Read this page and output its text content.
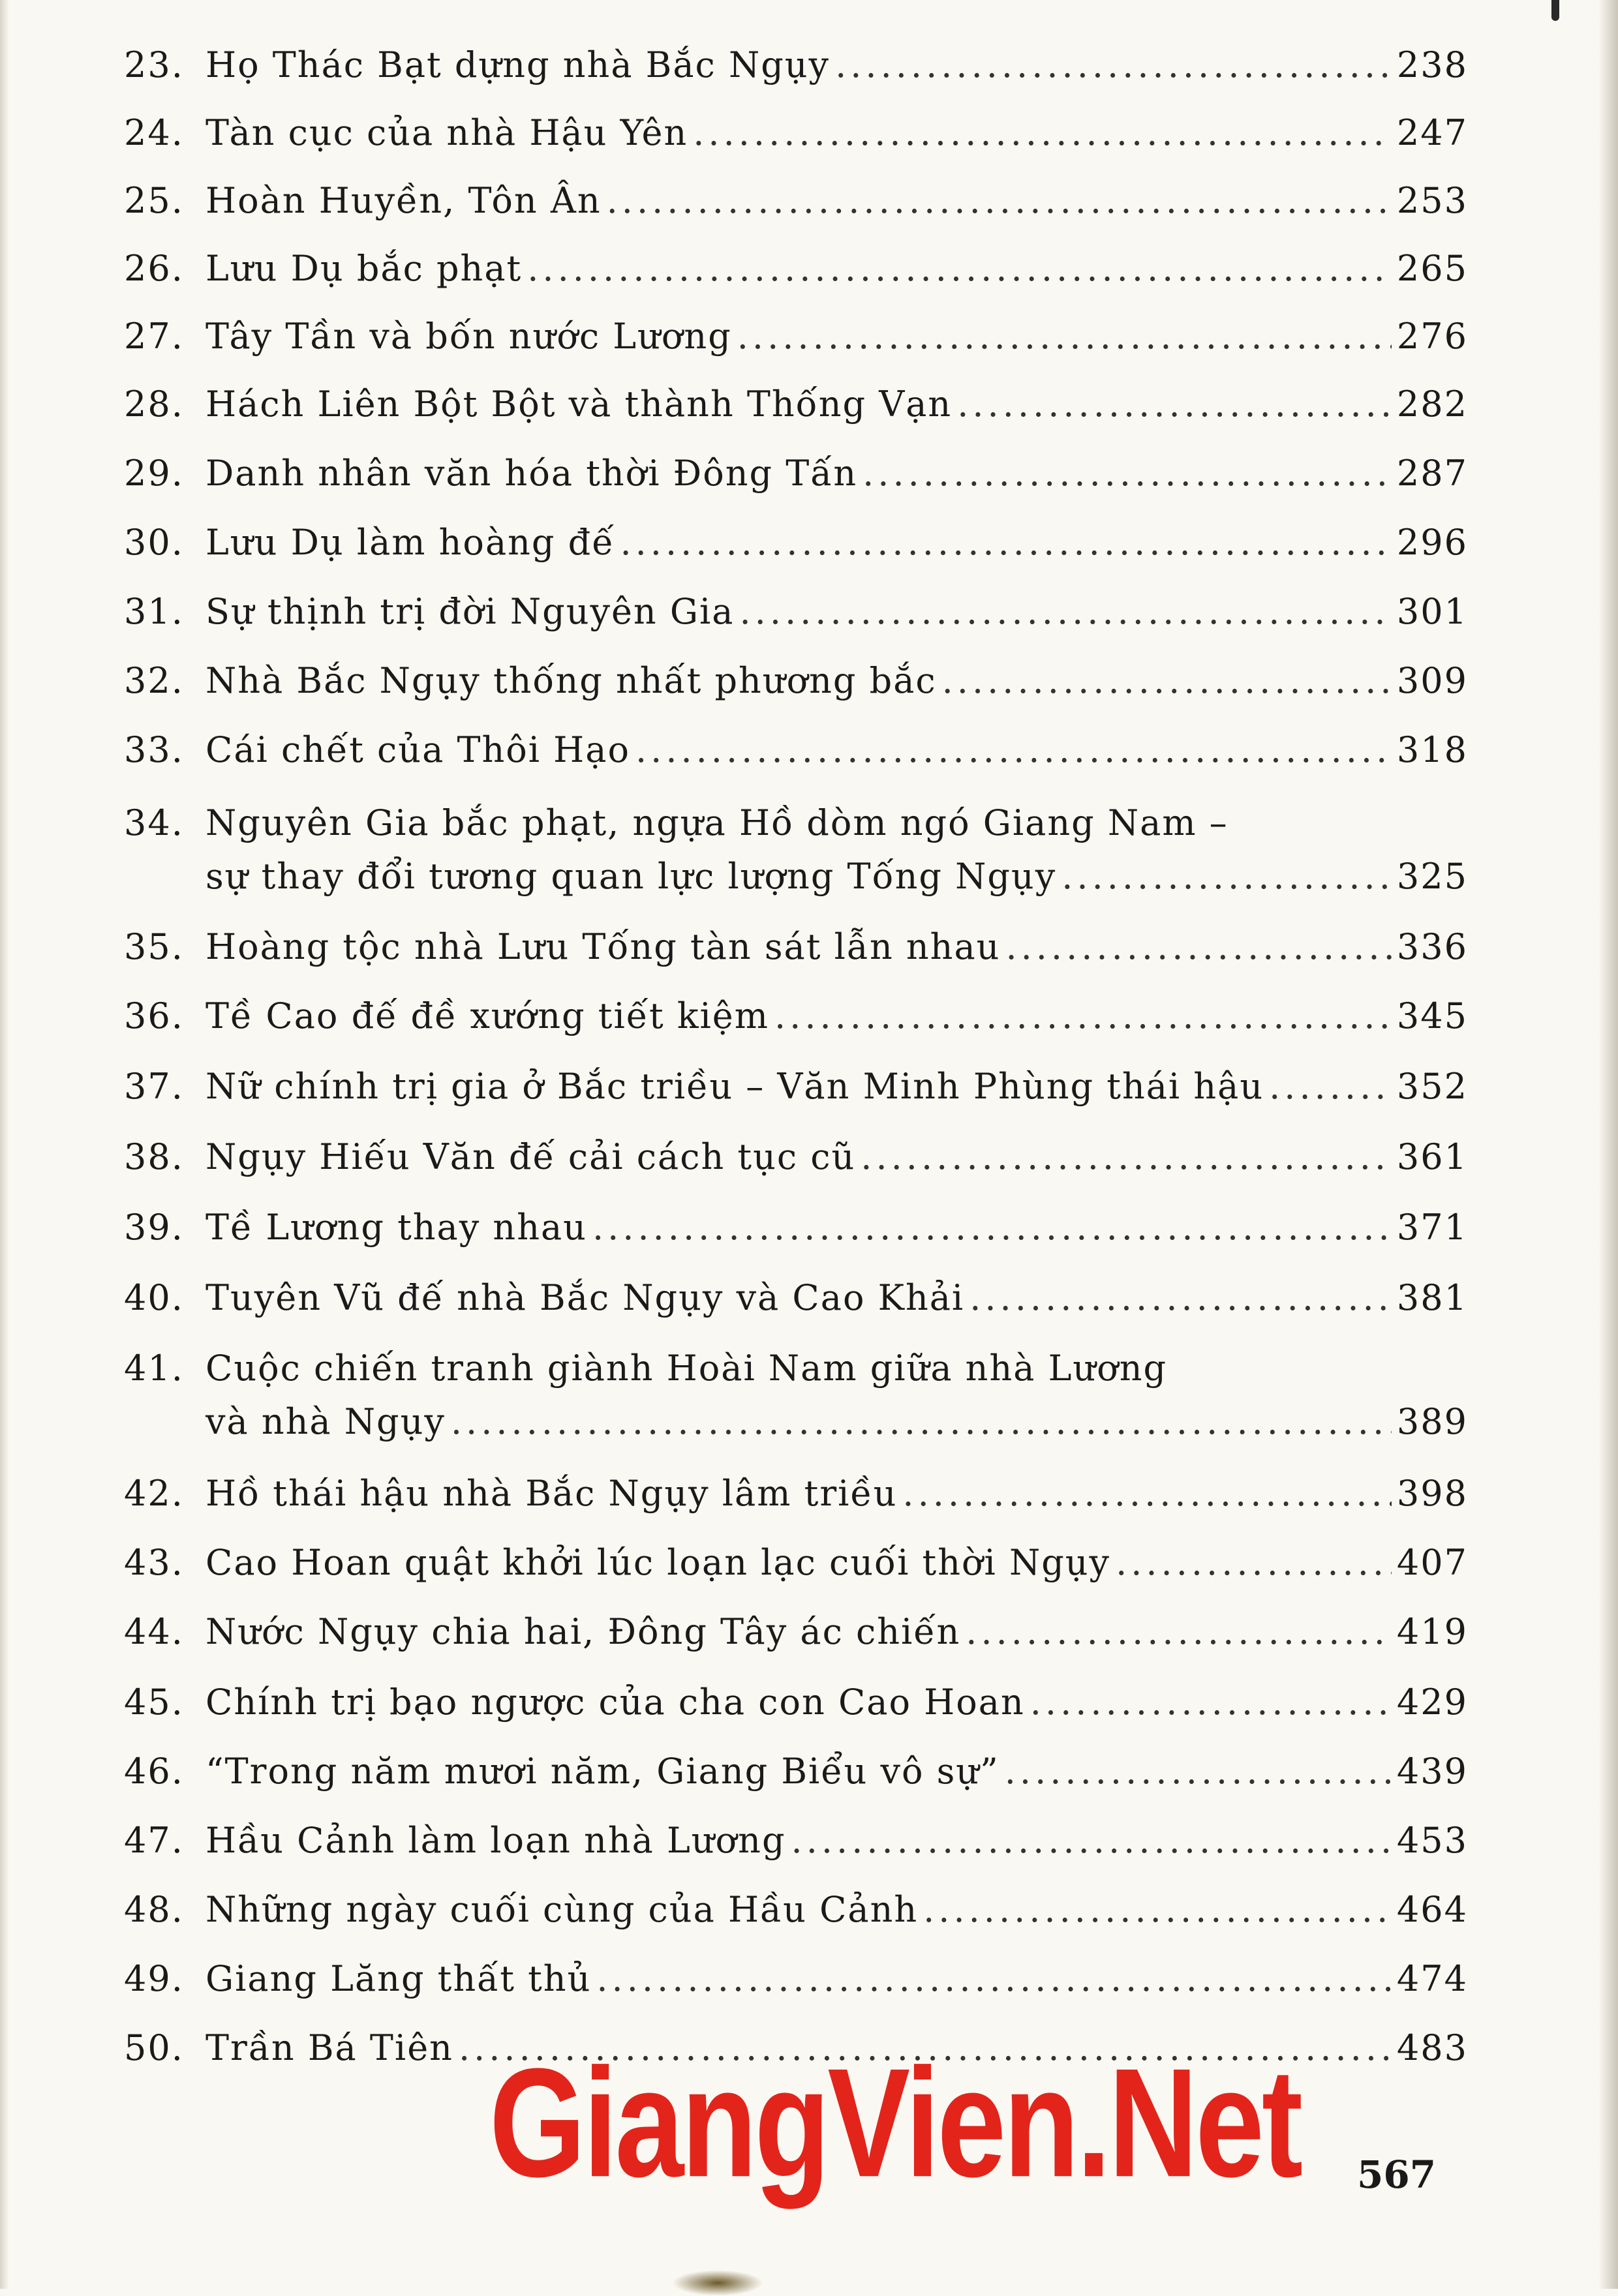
23. Họ Thác Bạt dựng nhà Bắc Ngụy .....	238
24. Tàn cục của nhà Hậu Yên .....	247
25. Hoàn Huyền, Tôn Ân .....	253
26. Lưu Dụ bắc phạt .....	265
27. Tây Tần và bốn nước Lương .....	276
28. Hách Liên Bột Bột và thành Thống Vạn .....	282
29. Danh nhân văn hóa thời Đông Tấn .....	287
30. Lưu Dụ làm hoàng đế .....	296
31. Sự thịnh trị đời Nguyên Gia .....	301
32. Nhà Bắc Ngụy thống nhất phương bắc .....	309
33. Cái chết của Thôi Hạo .....	318
34. Nguyên Gia bắc phạt, ngựa Hồ dòm ngó Giang Nam –
sự thay đổi tương quan lực lượng Tống Ngụy .....	325
35. Hoàng tộc nhà Lưu Tống tàn sát lẫn nhau .....	336
36. Tề Cao đế đề xướng tiết kiệm .....	345
37. Nữ chính trị gia ở Bắc triều – Văn Minh Phùng thái hậu .....	352
38. Ngụy Hiếu Văn đế cải cách tục cũ .....	361
39. Tề Lương thay nhau .....	371
40. Tuyên Vũ đế nhà Bắc Ngụy và Cao Khải .....	381
41. Cuộc chiến tranh giành Hoài Nam giữa nhà Lương
và nhà Ngụy .....	389
42. Hồ thái hậu nhà Bắc Ngụy lâm triều .....	398
43. Cao Hoan quật khởi lúc loạn lạc cuối thời Ngụy .....	407
44. Nước Ngụy chia hai, Đông Tây ác chiến .....	419
45. Chính trị bạo ngược của cha con Cao Hoan .....	429
46. “Trong năm mươi năm, Giang Biểu vô sự” .....	439
47. Hầu Cảnh làm loạn nhà Lương .....	453
48. Những ngày cuối cùng của Hầu Cảnh .....	464
49. Giang Lăng thất thủ .....	474
50. Trần Bá Tiên .....	483
GiangVien.Net 567
